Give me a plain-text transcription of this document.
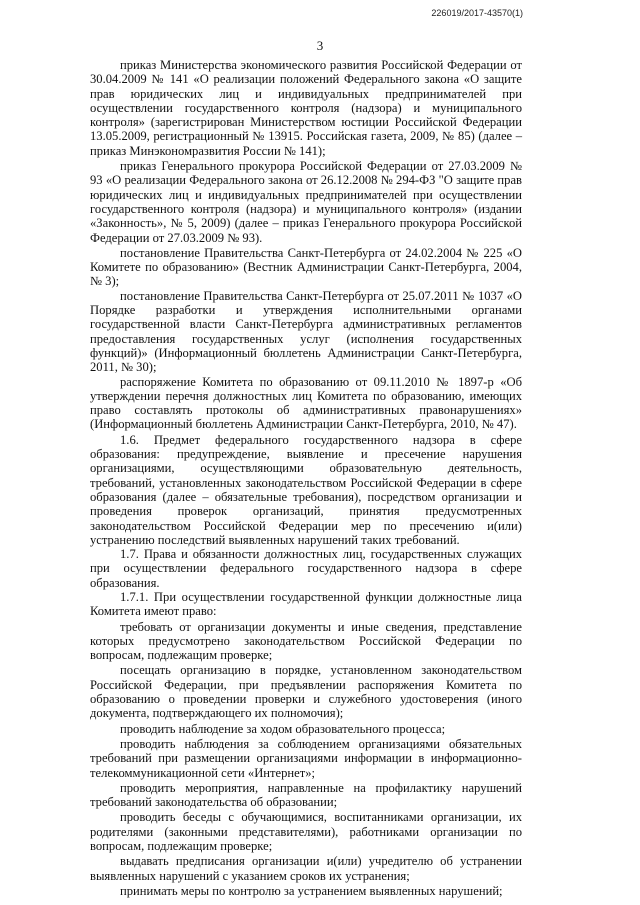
226019/2017-43570(1)
3

приказ Министерства экономического развития Российской Федерации от 30.04.2009 № 141 «О реализации положений Федерального закона «О защите прав юридических лиц и индивидуальных предпринимателей при осуществлении государственного контроля (надзора) и муниципального контроля» (зарегистрирован Министерством юстиции Российской Федерации 13.05.2009, регистрационный № 13915. Российская газета, 2009, № 85) (далее – приказ Минэкономразвития России № 141);

приказ Генерального прокурора Российской Федерации от 27.03.2009 № 93 «О реализации Федерального закона от 26.12.2008 № 294-ФЗ "О защите прав юридических лиц и индивидуальных предпринимателей при осуществлении государственного контроля (надзора) и муниципального контроля» (издании «Законность», № 5, 2009) (далее – приказ Генерального прокурора Российской Федерации от 27.03.2009 № 93).

постановление Правительства Санкт-Петербурга от 24.02.2004 № 225 «О Комитете по образованию» (Вестник Администрации Санкт-Петербурга, 2004, № 3);

постановление Правительства Санкт-Петербурга от 25.07.2011 № 1037 «О Порядке разработки и утверждения исполнительными органами государственной власти Санкт-Петербурга административных регламентов предоставления государственных услуг (исполнения государственных функций)» (Информационный бюллетень Администрации Санкт-Петербурга, 2011, № 30);

распоряжение Комитета по образованию от 09.11.2010 № 1897-р «Об утверждении перечня должностных лиц Комитета по образованию, имеющих право составлять протоколы об административных правонарушениях» (Информационный бюллетень Администрации Санкт-Петербурга, 2010, № 47).

1.6. Предмет федерального государственного надзора в сфере образования: предупреждение, выявление и пресечение нарушения организациями, осуществляющими образовательную деятельность, требований, установленных законодательством Российской Федерации в сфере образования (далее – обязательные требования), посредством организации и проведения проверок организаций, принятия предусмотренных законодательством Российской Федерации мер по пресечению и(или) устранению последствий выявленных нарушений таких требований.

1.7. Права и обязанности должностных лиц, государственных служащих при осуществлении федерального государственного надзора в сфере образования.

1.7.1. При осуществлении государственной функции должностные лица Комитета имеют право:

требовать от организации документы и иные сведения, представление которых предусмотрено законодательством Российской Федерации по вопросам, подлежащим проверке;

посещать организацию в порядке, установленном законодательством Российской Федерации, при предъявлении распоряжения Комитета по образованию о проведении проверки и служебного удостоверения (иного документа, подтверждающего их полномочия);

проводить наблюдение за ходом образовательного процесса;

проводить наблюдения за соблюдением организациями обязательных требований при размещении организациями информации в информационно-телекоммуникационной сети «Интернет»;

проводить мероприятия, направленные на профилактику нарушений требований законодательства об образовании;

проводить беседы с обучающимися, воспитанниками организации, их родителями (законными представителями), работниками организации по вопросам, подлежащим проверке;

выдавать предписания организации и(или) учредителю об устранении выявленных нарушений с указанием сроков их устранения;

принимать меры по контролю за устранением выявленных нарушений;
